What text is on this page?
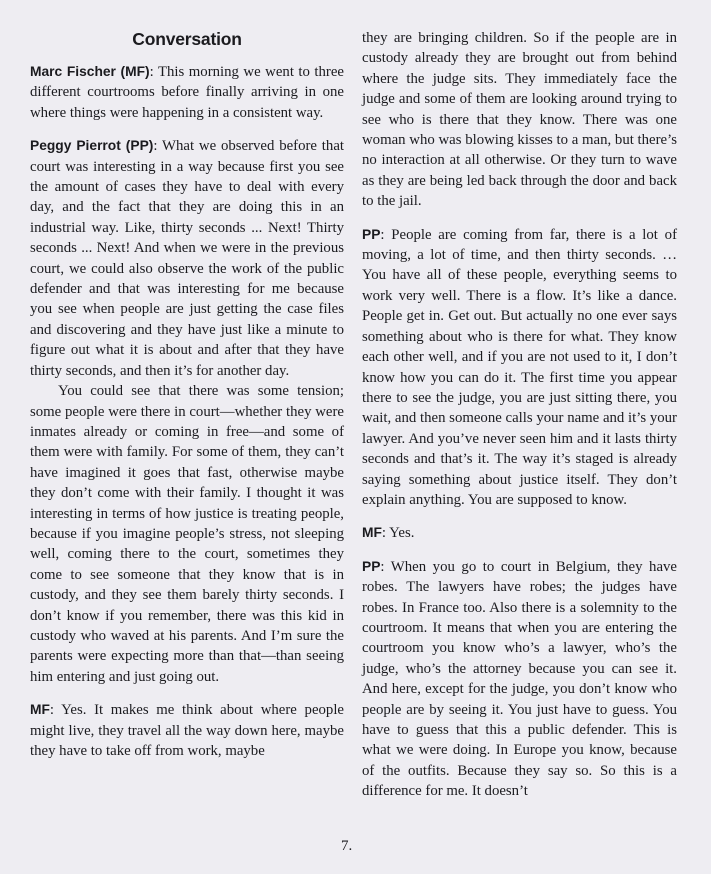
Conversation

Marc Fischer (MF): This morning we went to three different courtrooms before finally arriving in one where things were happening in a consistent way.

Peggy Pierrot (PP): What we observed before that court was interesting in a way because first you see the amount of cases they have to deal with every day, and the fact that they are doing this in an industrial way. Like, thirty seconds ... Next! Thirty seconds ... Next! And when we were in the previous court, we could also observe the work of the public defender and that was interesting for me because you see when people are just getting the case files and discovering and they have just like a minute to figure out what it is about and after that they have thirty seconds, and then it’s for another day.

You could see that there was some tension; some people were there in court—whether they were inmates already or coming in free—and some of them were with family. For some of them, they can’t have imagined it goes that fast, otherwise maybe they don’t come with their family. I thought it was interesting in terms of how justice is treating people, because if you imagine people’s stress, not sleeping well, coming there to the court, sometimes they come to see someone that they know that is in custody, and they see them barely thirty seconds. I don’t know if you remember, there was this kid in custody who waved at his parents. And I’m sure the parents were expecting more than that—than seeing him entering and just going out.

MF: Yes. It makes me think about where people might live, they travel all the way down here, maybe they have to take off from work, maybe

they are bringing children. So if the people are in custody already they are brought out from behind where the judge sits. They immediately face the judge and some of them are looking around trying to see who is there that they know. There was one woman who was blowing kisses to a man, but there’s no interaction at all otherwise. Or they turn to wave as they are being led back through the door and back to the jail.

PP: People are coming from far, there is a lot of moving, a lot of time, and then thirty seconds. … You have all of these people, everything seems to work very well. There is a flow. It’s like a dance. People get in. Get out. But actually no one ever says something about who is there for what. They know each other well, and if you are not used to it, I don’t know how you can do it. The first time you appear there to see the judge, you are just sitting there, you wait, and then someone calls your name and it’s your lawyer. And you’ve never seen him and it lasts thirty seconds and that’s it. The way it’s staged is already saying something about justice itself. They don’t explain anything. You are supposed to know.

MF: Yes.

PP: When you go to court in Belgium, they have robes. The lawyers have robes; the judges have robes. In France too. Also there is a solemnity to the courtroom. It means that when you are entering the courtroom you know who’s a lawyer, who’s the judge, who’s the attorney because you can see it. And here, except for the judge, you don’t know who people are by seeing it. You just have to guess. You have to guess that this a public defender. This is what we were doing. In Europe you know, because of the outfits. Because they say so. So this is a difference for me. It doesn’t

7.
